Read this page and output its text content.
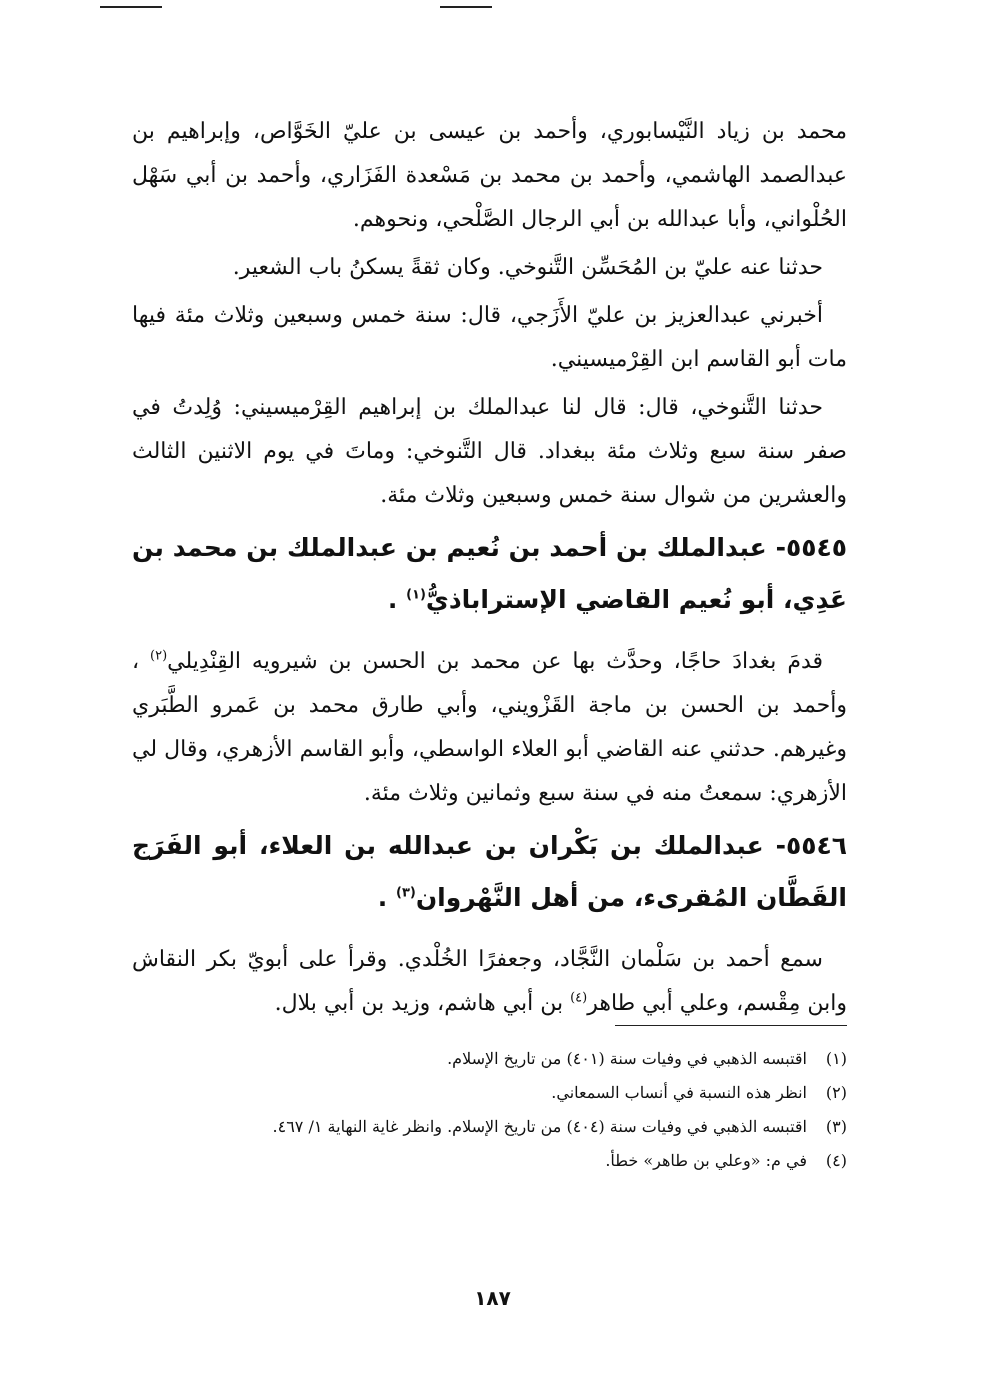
محمد بن زياد النَّيْسابوري، وأحمد بن عيسى بن عليّ الخَوَّاص، وإبراهيم بن عبدالصمد الهاشمي، وأحمد بن محمد بن مَسْعدة الفَزَاري، وأحمد بن أبي سَهْل الحُلْواني، وأبا عبدالله بن أبي الرجال الصَّلْحي، ونحوهم.

حدثنا عنه عليّ بن المُحَسِّن التَّنوخي. وكان ثقةً يسكنُ باب الشعير.

أخبرني عبدالعزيز بن عليّ الأَزَجي، قال: سنة خمس وسبعين وثلاث مئة فيها مات أبو القاسم ابن القِرْميسيني.

حدثنا التَّنوخي، قال: قال لنا عبدالملك بن إبراهيم القِرْميسيني: وُلِدتُ في صفر سنة سبع وثلاث مئة ببغداد. قال التَّنوخي: وماتَ في يوم الاثنين الثالث والعشرين من شوال سنة خمس وسبعين وثلاث مئة.

٥٥٤٥- عبدالملك بن أحمد بن نُعيم بن عبدالملك بن محمد بن عَدِي، أبو نُعيم القاضي الإستراباذيُّ$^{(١)}$ .

قدمَ بغدادَ حاجًا، وحدَّث بها عن محمد بن الحسن بن شيرويه القِنْدِيلي$^{(٢)}$ ، وأحمد بن الحسن بن ماجة القَزْويني، وأبي طارق محمد بن عَمرو الطَّبَري وغيرهم. حدثني عنه القاضي أبو العلاء الواسطي، وأبو القاسم الأزهري، وقال لي الأزهري: سمعتُ منه في سنة سبع وثمانين وثلاث مئة.

٥٥٤٦- عبدالملك بن بَكْران بن عبدالله بن العلاء، أبو الفَرَج القَطَّان المُقرىء، من أهل النَّهْروان$^{(٣)}$ .

سمع أحمد بن سَلْمان النَّجَّاد، وجعفرًا الخُلْدي. وقرأ على أبويّ بكر النقاش وابن مِقْسم، وعلي أبي طاهر$^{(٤)}$ بن أبي هاشم، وزيد بن أبي بلال.

(١)
اقتبسه الذهبي في وفيات سنة (٤٠١) من تاريخ الإسلام.
(٢)
انظر هذه النسبة في أنساب السمعاني.
(٣)
اقتبسه الذهبي في وفيات سنة (٤٠٤) من تاريخ الإسلام. وانظر غاية النهاية ١/ ٤٦٧.
(٤)
في م: «وعلي بن طاهر» خطأ.
١٨٧
